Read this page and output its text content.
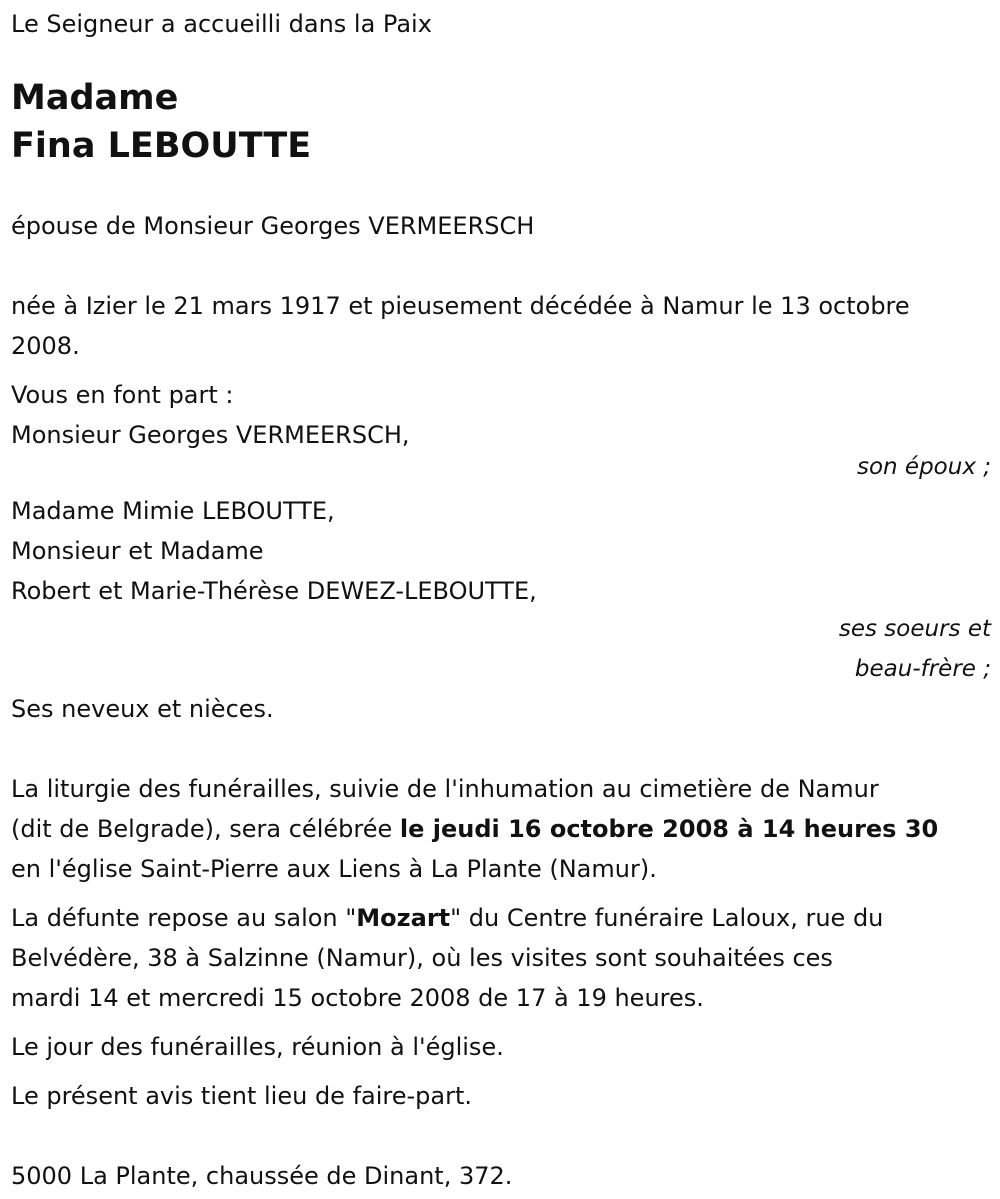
Le Seigneur a accueilli dans la Paix
Madame
Fina LEBOUTTE
épouse de Monsieur Georges VERMEERSCH
née à Izier le 21 mars 1917 et pieusement décédée à Namur le 13 octobre
2008.
Vous en font part :
Monsieur Georges VERMEERSCH,
son époux ;
Madame Mimie LEBOUTTE,
Monsieur et Madame
Robert et Marie-Thérèse DEWEZ-LEBOUTTE,
ses soeurs et
beau-frère ;
Ses neveux et nièces.
La liturgie des funérailles, suivie de l'inhumation au cimetière de Namur
(dit de Belgrade), sera célébrée le jeudi 16 octobre 2008 à 14 heures 30
en l'église Saint-Pierre aux Liens à La Plante (Namur).
La défunte repose au salon "Mozart" du Centre funéraire Laloux, rue du
Belvédère, 38 à Salzinne (Namur), où les visites sont souhaitées ces
mardi 14 et mercredi 15 octobre 2008 de 17 à 19 heures.
Le jour des funérailles, réunion à l'église.
Le présent avis tient lieu de faire-part.
5000 La Plante, chaussée de Dinant, 372.
